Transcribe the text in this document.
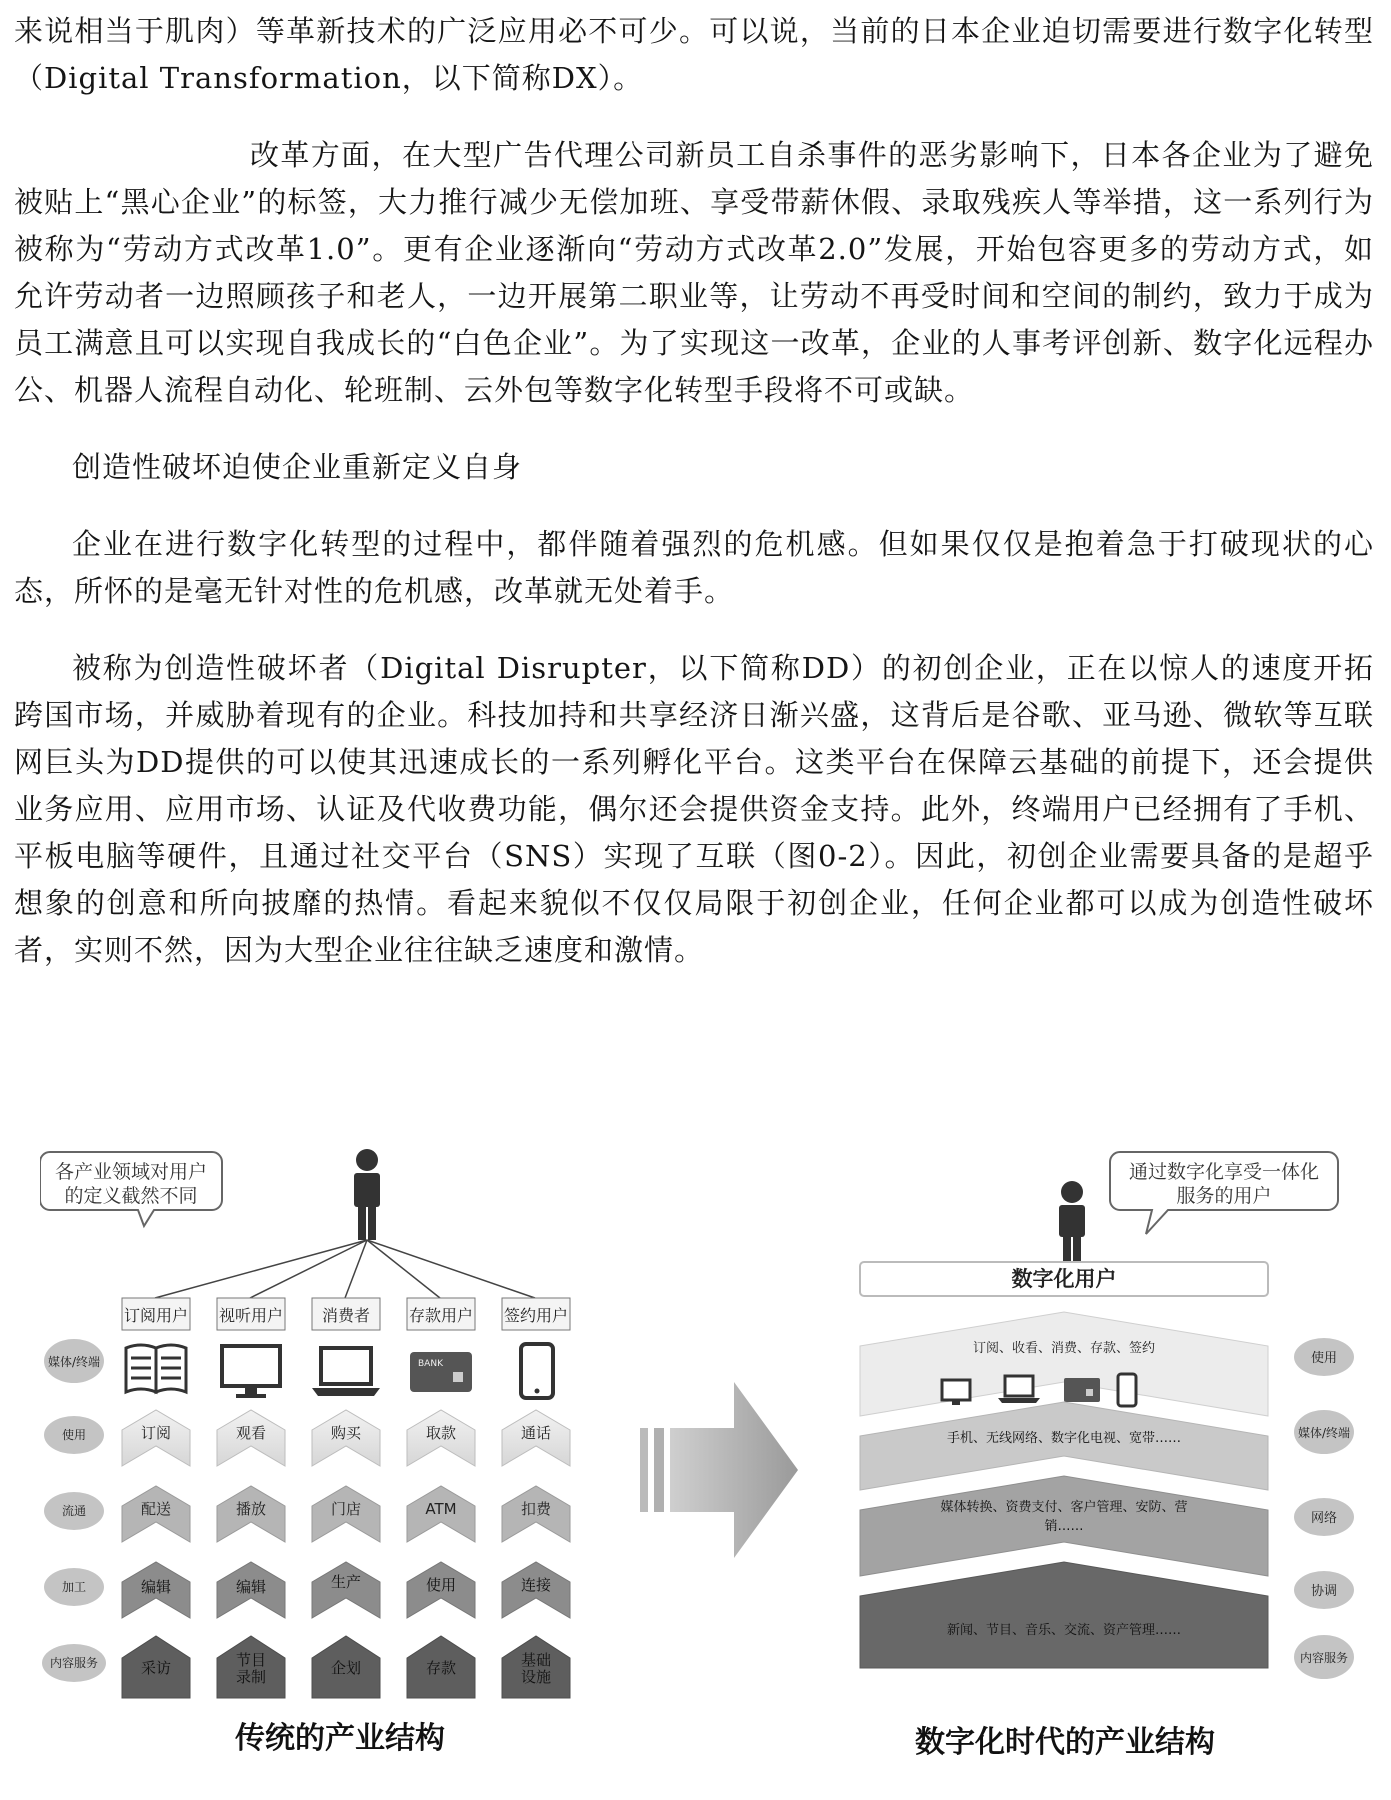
来说相当于肌肉）等革新技术的广泛应用必不可少。可以说，当前的日本企业迫切需要进行数字化转型（Digital Transformation，以下简称DX）。

改革方面，在大型广告代理公司新员工自杀事件的恶劣影响下，日本各企业为了避免被贴上“黑心企业”的标签，大力推行减少无偿加班、享受带薪休假、录取残疾人等举措，这一系列行为被称为“劳动方式改革1.0”。更有企业逐渐向“劳动方式改革2.0”发展，开始包容更多的劳动方式，如允许劳动者一边照顾孩子和老人，一边开展第二职业等，让劳动不再受时间和空间的制约，致力于成为员工满意且可以实现自我成长的“白色企业”。为了实现这一改革，企业的人事考评创新、数字化远程办公、机器人流程自动化、轮班制、云外包等数字化转型手段将不可或缺。

创造性破坏迫使企业重新定义自身

企业在进行数字化转型的过程中，都伴随着强烈的危机感。但如果仅仅是抱着急于打破现状的心态，所怀的是毫无针对性的危机感，改革就无处着手。

被称为创造性破坏者（Digital Disrupter，以下简称DD）的初创企业，正在以惊人的速度开拓跨国市场，并威胁着现有的企业。科技加持和共享经济日渐兴盛，这背后是谷歌、亚马逊、微软等互联网巨头为DD提供的可以使其迅速成长的一系列孵化平台。这类平台在保障云基础的前提下，还会提供业务应用、应用市场、认证及代收费功能，偶尔还会提供资金支持。此外，终端用户已经拥有了手机、平板电脑等硬件，且通过社交平台（SNS）实现了互联（图0-2）。因此，初创企业需要具备的是超乎想象的创意和所向披靡的热情。看起来貌似不仅仅局限于初创企业，任何企业都可以成为创造性破坏者，实则不然，因为大型企业往往缺乏速度和激情。

各产业领域对用户
的定义截然不同
订阅用户 视听用户 消费者 存款用户 签约用户
媒体/终端
使用
流通
加工
内容服务
BANK
订阅	观看	购买	取款	通话
配送	播放	门店	ATM	扣费
编辑	编辑	生产	使用	连接
采访	节目录制	企划	存款	基础设施
传统的产业结构
通过数字化享受一体化
服务的用户
数字化用户
订阅、收看、消费、存款、签约
手机、无线网络、数字化电视、宽带……
媒体转换、资费支付、客户管理、安防、营销……
新闻、节目、音乐、交流、资产管理……
使用
媒体/终端
网络
协调
内容服务
数字化时代的产业结构
